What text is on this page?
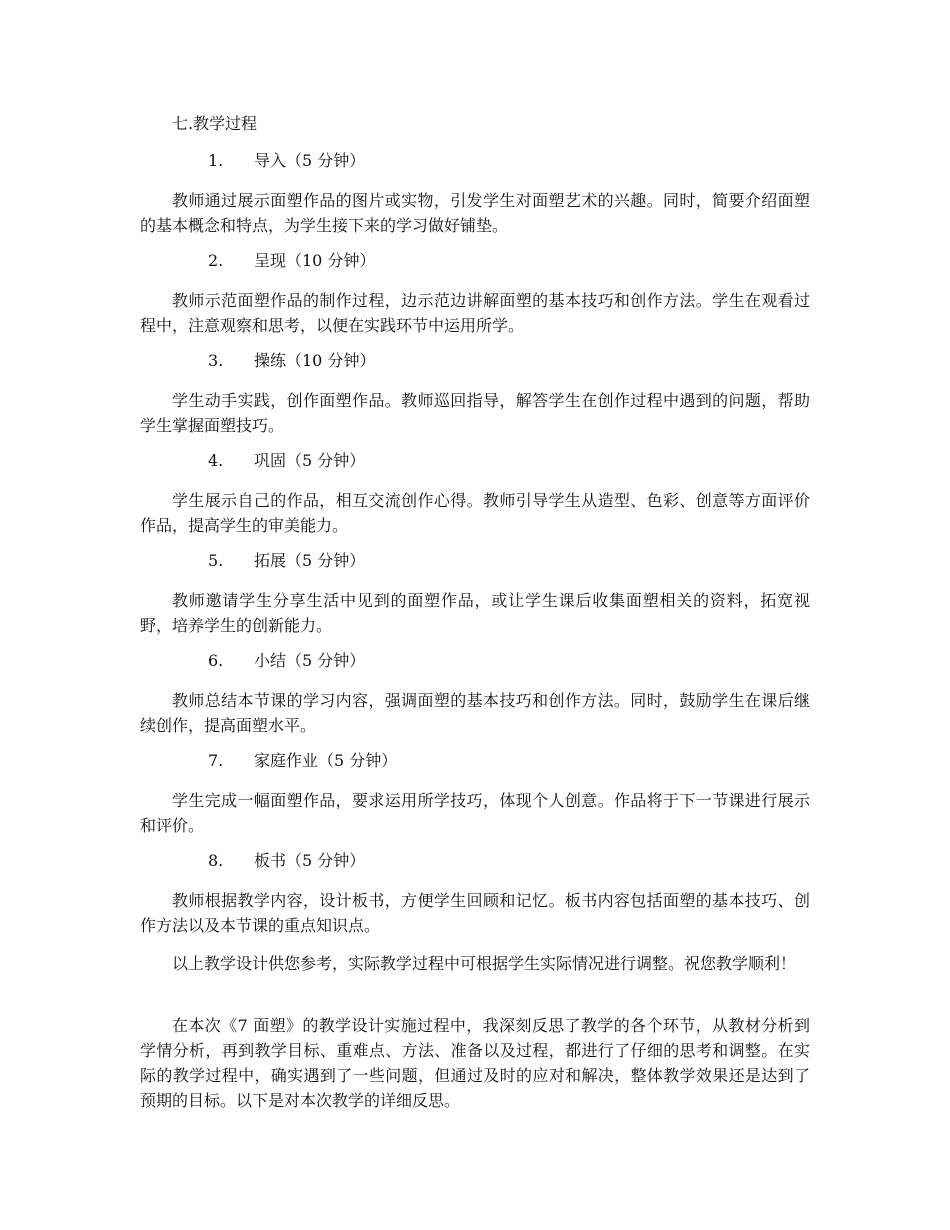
七.教学过程
1. 导入（5 分钟）
教师通过展示面塑作品的图片或实物，引发学生对面塑艺术的兴趣。同时，简要介绍面塑的基本概念和特点，为学生接下来的学习做好铺垫。
2. 呈现（10 分钟）
教师示范面塑作品的制作过程，边示范边讲解面塑的基本技巧和创作方法。学生在观看过程中，注意观察和思考，以便在实践环节中运用所学。
3. 操练（10 分钟）
学生动手实践，创作面塑作品。教师巡回指导，解答学生在创作过程中遇到的问题，帮助学生掌握面塑技巧。
4. 巩固（5 分钟）
学生展示自己的作品，相互交流创作心得。教师引导学生从造型、色彩、创意等方面评价作品，提高学生的审美能力。
5. 拓展（5 分钟）
教师邀请学生分享生活中见到的面塑作品，或让学生课后收集面塑相关的资料，拓宽视野，培养学生的创新能力。
6. 小结（5 分钟）
教师总结本节课的学习内容，强调面塑的基本技巧和创作方法。同时，鼓励学生在课后继续创作，提高面塑水平。
7. 家庭作业（5 分钟）
学生完成一幅面塑作品，要求运用所学技巧，体现个人创意。作品将于下一节课进行展示和评价。
8. 板书（5 分钟）
教师根据教学内容，设计板书，方便学生回顾和记忆。板书内容包括面塑的基本技巧、创作方法以及本节课的重点知识点。
以上教学设计供您参考，实际教学过程中可根据学生实际情况进行调整。祝您教学顺利！
在本次《7 面塑》的教学设计实施过程中，我深刻反思了教学的各个环节，从教材分析到学情分析，再到教学目标、重难点、方法、准备以及过程，都进行了仔细的思考和调整。在实际的教学过程中，确实遇到了一些问题，但通过及时的应对和解决，整体教学效果还是达到了预期的目标。以下是对本次教学的详细反思。
